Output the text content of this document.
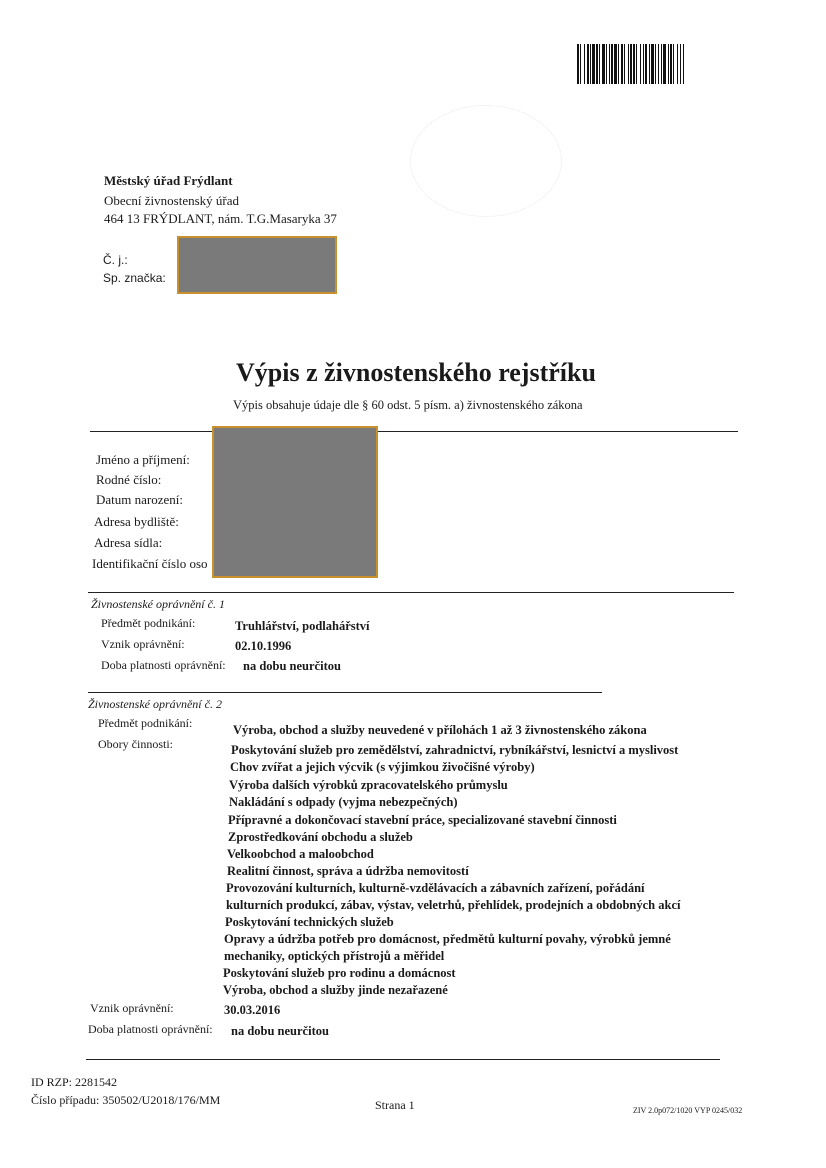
Městský úřad Frýdlant
Obecní živnostenský úřad
464 13 FRÝDLANT, nám. T.G.Masaryka 37
Č. j.:
Sp. značka:
Výpis z živnostenského rejstříku
Výpis obsahuje údaje dle § 60 odst. 5 písm. a) živnostenského zákona
Jméno a příjmení:
Rodné číslo:
Datum narození:
Adresa bydliště:
Adresa sídla:
Identifikační číslo oso
Živnostenské oprávnění č. 1
Předmět podnikání:	Truhlářství, podlahářství
Vznik oprávnění:	02.10.1996
Doba platnosti oprávnění: na dobu neurčitou
Živnostenské oprávnění č. 2
Předmět podnikání:	Výroba, obchod a služby neuvedené v přílohách 1 až 3 živnostenského zákona
Obory činnosti:	Poskytování služeb pro zemědělství, zahradnictví, rybníkářství, lesnictví a myslivost
Chov zvířat a jejich výcvik (s výjimkou živočišné výroby)
Výroba dalších výrobků zpracovatelského průmyslu
Nakládání s odpady (vyjma nebezpečných)
Přípravné a dokončovací stavební práce, specializované stavební činnosti
Zprostředkování obchodu a služeb
Velkoobchod a maloobchod
Realitní činnost, správa a údržba nemovitostí
Provozování kulturních, kulturně-vzdělávacích a zábavních zařízení, pořádání
kulturních produkcí, zábav, výstav, veletrhů, přehlídek, prodejních a obdobných akcí
Poskytování technických služeb
Opravy a údržba potřeb pro domácnost, předmětů kulturní povahy, výrobků jemné
mechaniky, optických přístrojů a měřidel
Poskytování služeb pro rodinu a domácnost
Výroba, obchod a služby jinde nezařazené
Vznik oprávnění:	30.03.2016
Doba platnosti oprávnění: na dobu neurčitou
ID RZP: 2281542
Číslo případu: 350502/U2018/176/MM	Strana 1	ZIV 2.0p072/1020 VYP 0245/032
